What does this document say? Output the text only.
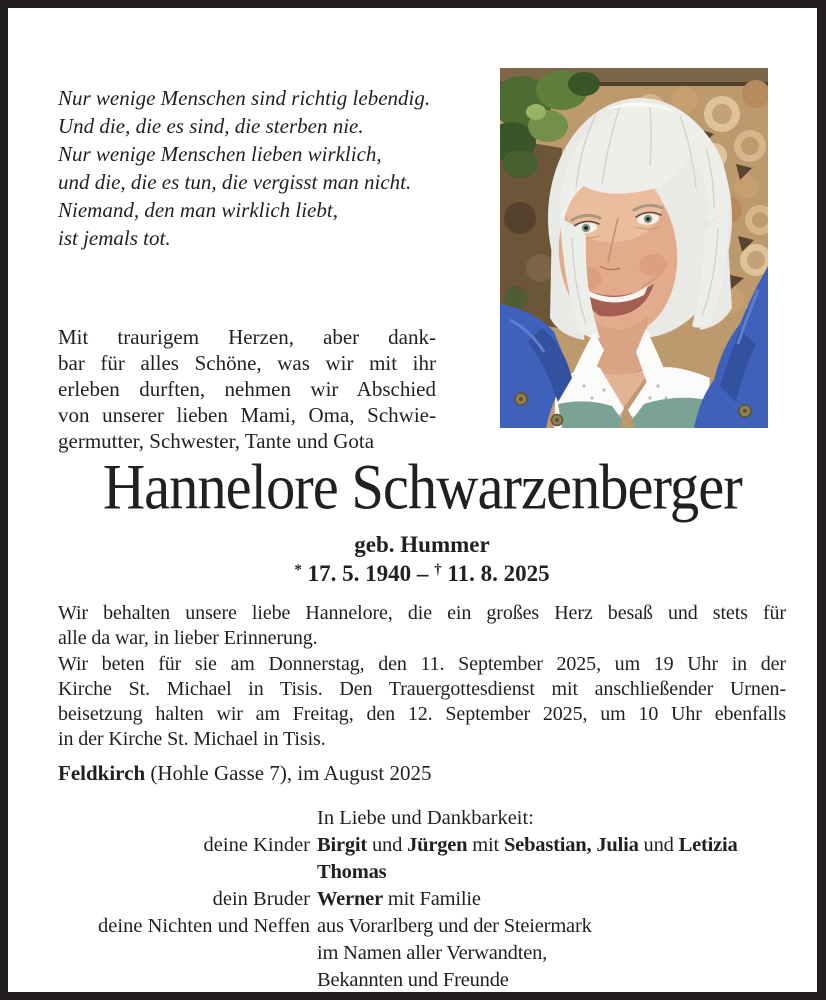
Nur wenige Menschen sind richtig lebendig.
Und die, die es sind, die sterben nie.
Nur wenige Menschen lieben wirklich,
und die, die es tun, die vergisst man nicht.
Niemand, den man wirklich liebt,
ist jemals tot.
Mit traurigem Herzen, aber dank-
bar für alles Schöne, was wir mit ihr
erleben durften, nehmen wir Abschied
von unserer lieben Mami, Oma, Schwie-
germutter, Schwester, Tante und Gota
Hannelore Schwarzenberger
geb. Hummer
* 17. 5. 1940 – † 11. 8. 2025
Wir behalten unsere liebe Hannelore, die ein großes Herz besaß und stets für
alle da war, in lieber Erinnerung.
Wir beten für sie am Donnerstag, den 11. September 2025, um 19 Uhr in der
Kirche St. Michael in Tisis. Den Trauergottesdienst mit anschließender Urnen-
beisetzung halten wir am Freitag, den 12. September 2025, um 10 Uhr ebenfalls
in der Kirche St. Michael in Tisis.
Feldkirch (Hohle Gasse 7), im August 2025
In Liebe und Dankbarkeit:
deine Kinder Birgit und Jürgen mit Sebastian, Julia und Letizia
Thomas
dein Bruder Werner mit Familie
deine Nichten und Neffen aus Vorarlberg und der Steiermark
im Namen aller Verwandten,
Bekannten und Freunde
